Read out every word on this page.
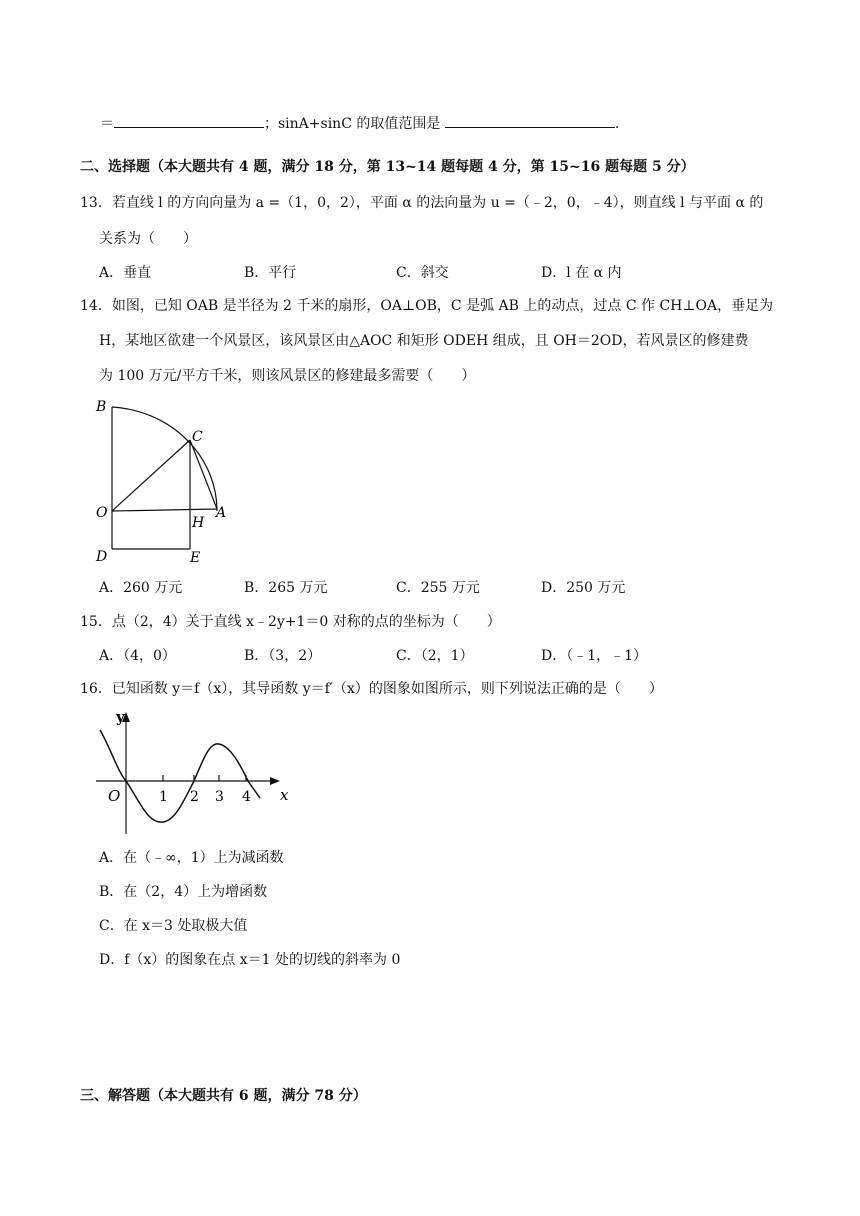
＝	；sinA+sinC 的取值范围是	.
二、选择题（本大题共有 4 题，满分 18 分，第 13~14 题每题 4 分，第 15~16 题每题 5 分）
13．若直线 l 的方向向量为 a =（1，0，2），平面 α 的法向量为 u =（﹣2，0，﹣4），则直线 l 与平面 α 的
关系为（　　）
A．垂直	B．平行	C．斜交	D．l 在 α 内
14．如图，已知 OAB 是半径为 2 千米的扇形，OA⊥OB，C 是弧 AB 上的动点，过点 C 作 CH⊥OA，垂足为
H，某地区欲建一个风景区，该风景区由△AOC 和矩形 ODEH 组成，且 OH＝2OD，若风景区的修建费
为 100 万元/平方千米，则该风景区的修建最多需要（　　）
B
C
O
H
A
D	E
A．260 万元	B．265 万元	C．255 万元	D．250 万元
15．点（2，4）关于直线 x﹣2y+1＝0 对称的点的坐标为（　　）
A．（4，0）	B．（3，2）	C．（2，1）	D．（﹣1，﹣1）
16．已知函数 y＝f（x），其导函数 y＝f′（x）的图象如图所示，则下列说法正确的是（　　）
y
O	1 2 3 4 x
A．在（﹣∞，1）上为减函数
B．在（2，4）上为增函数
C．在 x＝3 处取极大值
D．f（x）的图象在点 x＝1 处的切线的斜率为 0
三、解答题（本大题共有 6 题，满分 78 分）
